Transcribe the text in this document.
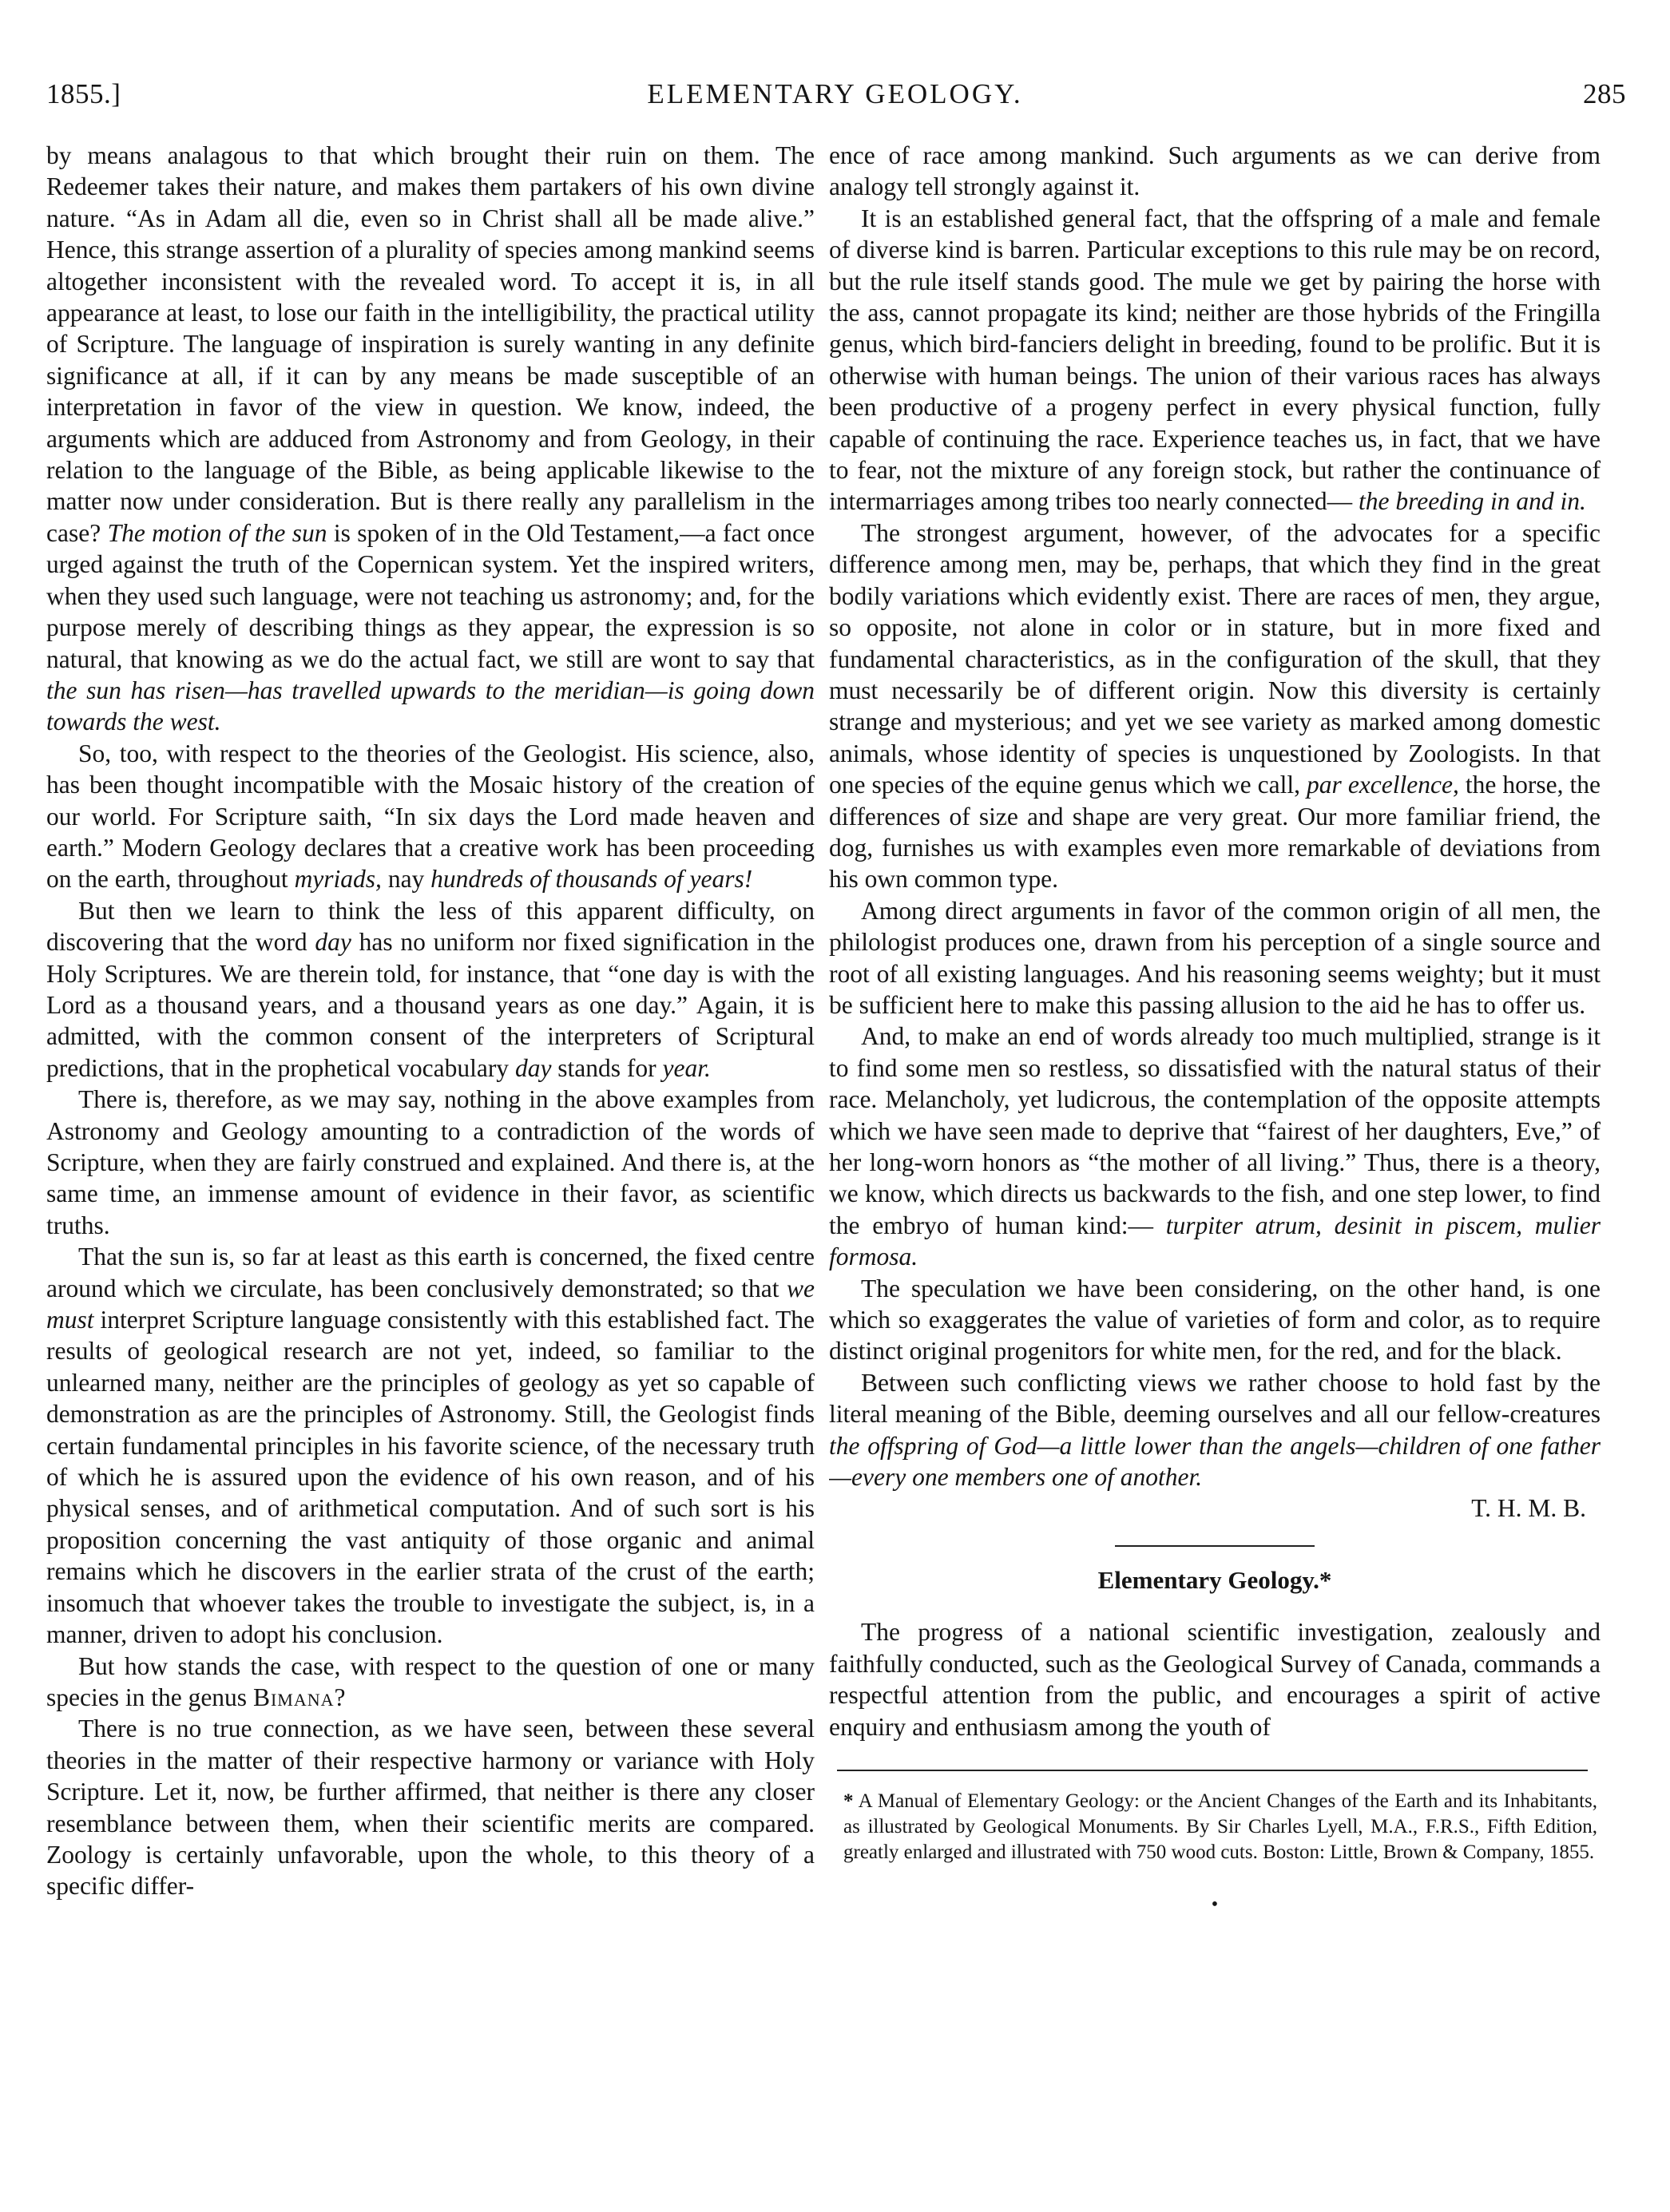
1855.]	ELEMENTARY GEOLOGY.	285

by means analagous to that which brought their ruin on them. The Redeemer takes their nature, and makes them partakers of his own divine nature. “As in Adam all die, even so in Christ shall all be made alive.” Hence, this strange assertion of a plurality of species among mankind seems altogether inconsistent with the revealed word. To accept it is, in all appearance at least, to lose our faith in the intelligibility, the practical utility of Scripture. The language of inspiration is surely wanting in any definite significance at all, if it can by any means be made susceptible of an interpretation in favor of the view in question. We know, indeed, the arguments which are adduced from Astronomy and from Geology, in their relation to the language of the Bible, as being applicable likewise to the matter now under consideration. But is there really any parallelism in the case? The motion of the sun is spoken of in the Old Testament,—a fact once urged against the truth of the Copernican system. Yet the inspired writers, when they used such language, were not teaching us astronomy; and, for the purpose merely of describing things as they appear, the expression is so natural, that knowing as we do the actual fact, we still are wont to say that the sun has risen—has travelled upwards to the meridian—is going down towards the west.

So, too, with respect to the theories of the Geologist. His science, also, has been thought incompatible with the Mosaic history of the creation of our world. For Scripture saith, “In six days the Lord made heaven and earth.” Modern Geology declares that a creative work has been proceeding on the earth, throughout myriads, nay hundreds of thousands of years!

But then we learn to think the less of this apparent difficulty, on discovering that the word day has no uniform nor fixed signification in the Holy Scriptures. We are therein told, for instance, that “one day is with the Lord as a thousand years, and a thousand years as one day.” Again, it is admitted, with the common consent of the interpreters of Scriptural predictions, that in the prophetical vocabulary day stands for year.

There is, therefore, as we may say, nothing in the above examples from Astronomy and Geology amounting to a contradiction of the words of Scripture, when they are fairly construed and explained. And there is, at the same time, an immense amount of evidence in their favor, as scientific truths.

That the sun is, so far at least as this earth is concerned, the fixed centre around which we circulate, has been conclusively demonstrated; so that we must interpret Scripture language consistently with this established fact. The results of geological research are not yet, indeed, so familiar to the unlearned many, neither are the principles of geology as yet so capable of demonstration as are the principles of Astronomy. Still, the Geologist finds certain fundamental principles in his favorite science, of the necessary truth of which he is assured upon the evidence of his own reason, and of his physical senses, and of arithmetical computation. And of such sort is his proposition concerning the vast antiquity of those organic and animal remains which he discovers in the earlier strata of the crust of the earth; insomuch that whoever takes the trouble to investigate the subject, is, in a manner, driven to adopt his conclusion.

But how stands the case, with respect to the question of one or many species in the genus Bimana?

There is no true connection, as we have seen, between these several theories in the matter of their respective harmony or variance with Holy Scripture. Let it, now, be further affirmed, that neither is there any closer resemblance between them, when their scientific merits are compared. Zoology is certainly unfavorable, upon the whole, to this theory of a specific differ-

ence of race among mankind. Such arguments as we can derive from analogy tell strongly against it.

It is an established general fact, that the offspring of a male and female of diverse kind is barren. Particular exceptions to this rule may be on record, but the rule itself stands good. The mule we get by pairing the horse with the ass, cannot propagate its kind; neither are those hybrids of the Fringilla genus, which bird-fanciers delight in breeding, found to be prolific. But it is otherwise with human beings. The union of their various races has always been productive of a progeny perfect in every physical function, fully capable of continuing the race. Experience teaches us, in fact, that we have to fear, not the mixture of any foreign stock, but rather the continuance of intermarriages among tribes too nearly connected— the breeding in and in.

The strongest argument, however, of the advocates for a specific difference among men, may be, perhaps, that which they find in the great bodily variations which evidently exist. There are races of men, they argue, so opposite, not alone in color or in stature, but in more fixed and fundamental characteristics, as in the configuration of the skull, that they must necessarily be of different origin. Now this diversity is certainly strange and mysterious; and yet we see variety as marked among domestic animals, whose identity of species is unquestioned by Zoologists. In that one species of the equine genus which we call, par excellence, the horse, the differences of size and shape are very great. Our more familiar friend, the dog, furnishes us with examples even more remarkable of deviations from his own common type.

Among direct arguments in favor of the common origin of all men, the philologist produces one, drawn from his perception of a single source and root of all existing languages. And his reasoning seems weighty; but it must be sufficient here to make this passing allusion to the aid he has to offer us.

And, to make an end of words already too much multiplied, strange is it to find some men so restless, so dissatisfied with the natural status of their race. Melancholy, yet ludicrous, the contemplation of the opposite attempts which we have seen made to deprive that “fairest of her daughters, Eve,” of her long-worn honors as “the mother of all living.” Thus, there is a theory, we know, which directs us backwards to the fish, and one step lower, to find the embryo of human kind:— turpiter atrum, desinit in piscem, mulier formosa.

The speculation we have been considering, on the other hand, is one which so exaggerates the value of varieties of form and color, as to require distinct original progenitors for white men, for the red, and for the black.

Between such conflicting views we rather choose to hold fast by the literal meaning of the Bible, deeming ourselves and all our fellow-creatures the offspring of God—a little lower than the angels—children of one father—every one members one of another.

T. H. M. B.

Elementary Geology.*

The progress of a national scientific investigation, zealously and faithfully conducted, such as the Geological Survey of Canada, commands a respectful attention from the public, and encourages a spirit of active enquiry and enthusiasm among the youth of

* A Manual of Elementary Geology: or the Ancient Changes of the Earth and its Inhabitants, as illustrated by Geological Monuments. By Sir Charles Lyell, M.A., F.R.S., Fifth Edition, greatly enlarged and illustrated with 750 wood cuts. Boston: Little, Brown & Company, 1855.
•
